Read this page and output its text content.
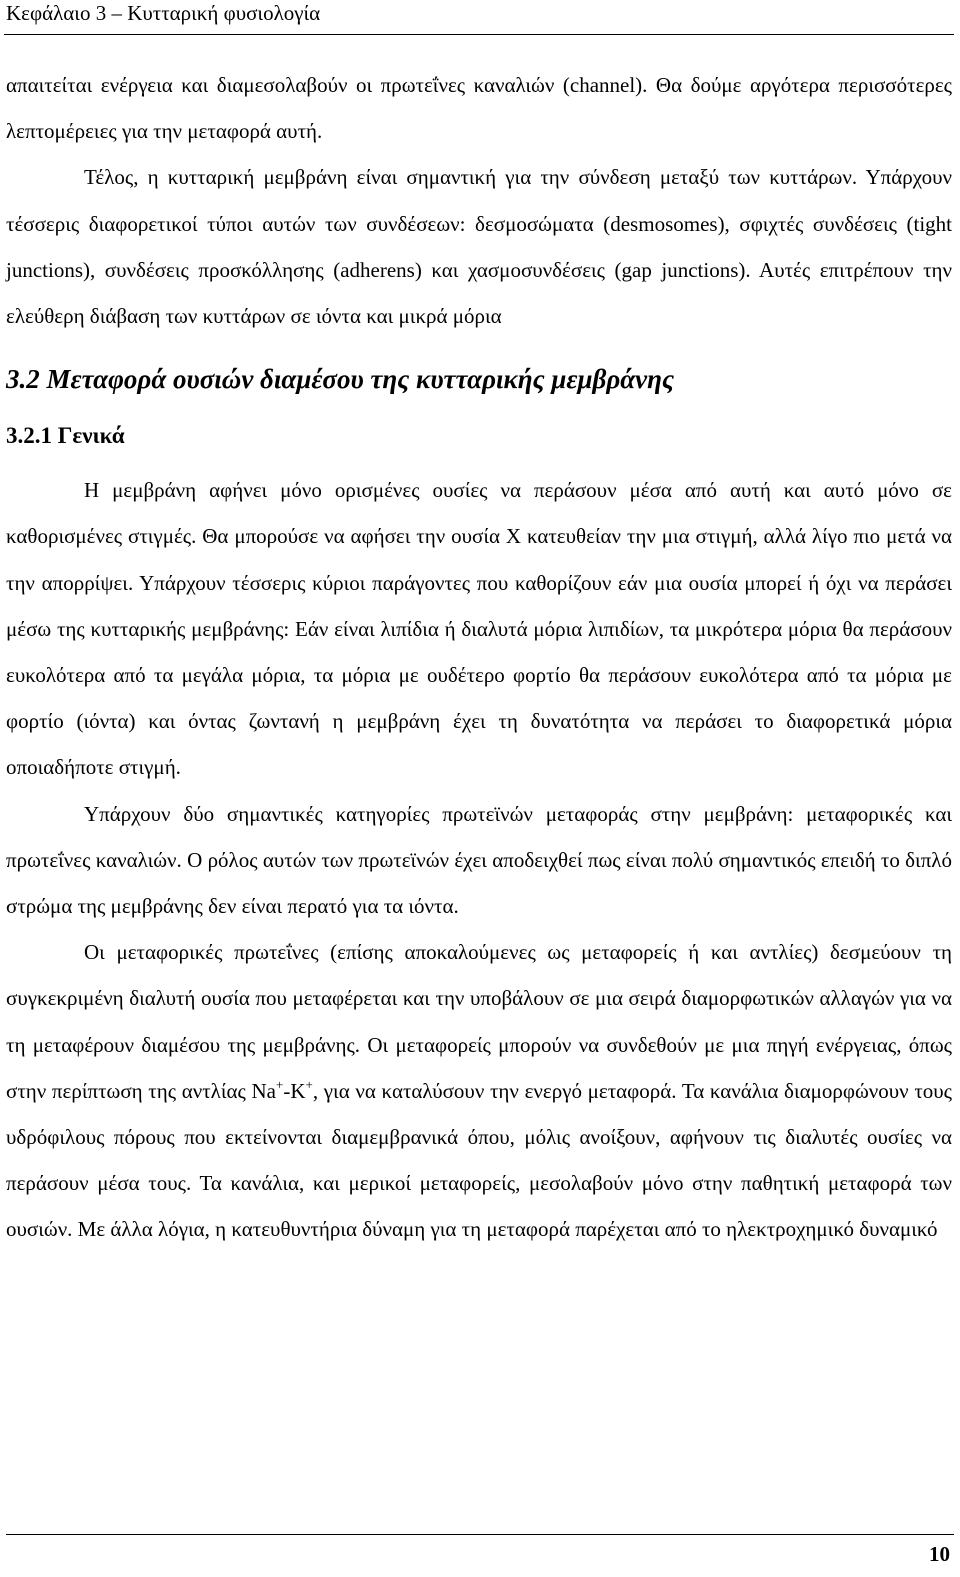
Κεφάλαιο 3 – Κυτταρική φυσιολογία

απαιτείται ενέργεια και διαμεσολαβούν οι πρωτεΐνες καναλιών (channel). Θα δούμε αργότερα περισσότερες λεπτομέρειες για την μεταφορά αυτή.

Τέλος, η κυτταρική μεμβράνη είναι σημαντική για την σύνδεση μεταξύ των κυττάρων. Υπάρχουν τέσσερις διαφορετικοί τύποι αυτών των συνδέσεων: δεσμοσώματα (desmosomes), σφιχτές συνδέσεις (tight junctions), συνδέσεις προσκόλλησης (adherens) και χασμοσυνδέσεις (gap junctions). Αυτές επιτρέπουν την ελεύθερη διάβαση των κυττάρων σε ιόντα και μικρά μόρια

3.2 Μεταφορά ουσιών διαμέσου της κυτταρικής μεμβράνης
3.2.1 Γενικά

Η μεμβράνη αφήνει μόνο ορισμένες ουσίες να περάσουν μέσα από αυτή και αυτό μόνο σε καθορισμένες στιγμές. Θα μπορούσε να αφήσει την ουσία Χ κατευθείαν την μια στιγμή, αλλά λίγο πιο μετά να την απορρίψει. Υπάρχουν τέσσερις κύριοι παράγοντες που καθορίζουν εάν μια ουσία μπορεί ή όχι να περάσει μέσω της κυτταρικής μεμβράνης: Εάν είναι λιπίδια ή διαλυτά μόρια λιπιδίων, τα μικρότερα μόρια θα περάσουν ευκολότερα από τα μεγάλα μόρια, τα μόρια με ουδέτερο φορτίο θα περάσουν ευκολότερα από τα μόρια με φορτίο (ιόντα) και όντας ζωντανή η μεμβράνη έχει τη δυνατότητα να περάσει το διαφορετικά μόρια οποιαδήποτε στιγμή.

Υπάρχουν δύο σημαντικές κατηγορίες πρωτεϊνών μεταφοράς στην μεμβράνη: μεταφορικές και πρωτεΐνες καναλιών. Ο ρόλος αυτών των πρωτεϊνών έχει αποδειχθεί πως είναι πολύ σημαντικός επειδή το διπλό στρώμα της μεμβράνης δεν είναι περατό για τα ιόντα.

Οι μεταφορικές πρωτεΐνες (επίσης αποκαλούμενες ως μεταφορείς ή και αντλίες) δεσμεύουν τη συγκεκριμένη διαλυτή ουσία που μεταφέρεται και την υποβάλουν σε μια σειρά διαμορφωτικών αλλαγών για να τη μεταφέρουν διαμέσου της μεμβράνης. Οι μεταφορείς μπορούν να συνδεθούν με μια πηγή ενέργειας, όπως στην περίπτωση της αντλίας Na+-K+, για να καταλύσουν την ενεργό μεταφορά. Τα κανάλια διαμορφώνουν τους υδρόφιλους πόρους που εκτείνονται διαμεμβρανικά όπου, μόλις ανοίξουν, αφήνουν τις διαλυτές ουσίες να περάσουν μέσα τους. Τα κανάλια, και μερικοί μεταφορείς, μεσολαβούν μόνο στην παθητική μεταφορά των ουσιών. Με άλλα λόγια, η κατευθυντήρια δύναμη για τη μεταφορά παρέχεται από το ηλεκτροχημικό δυναμικό

10
